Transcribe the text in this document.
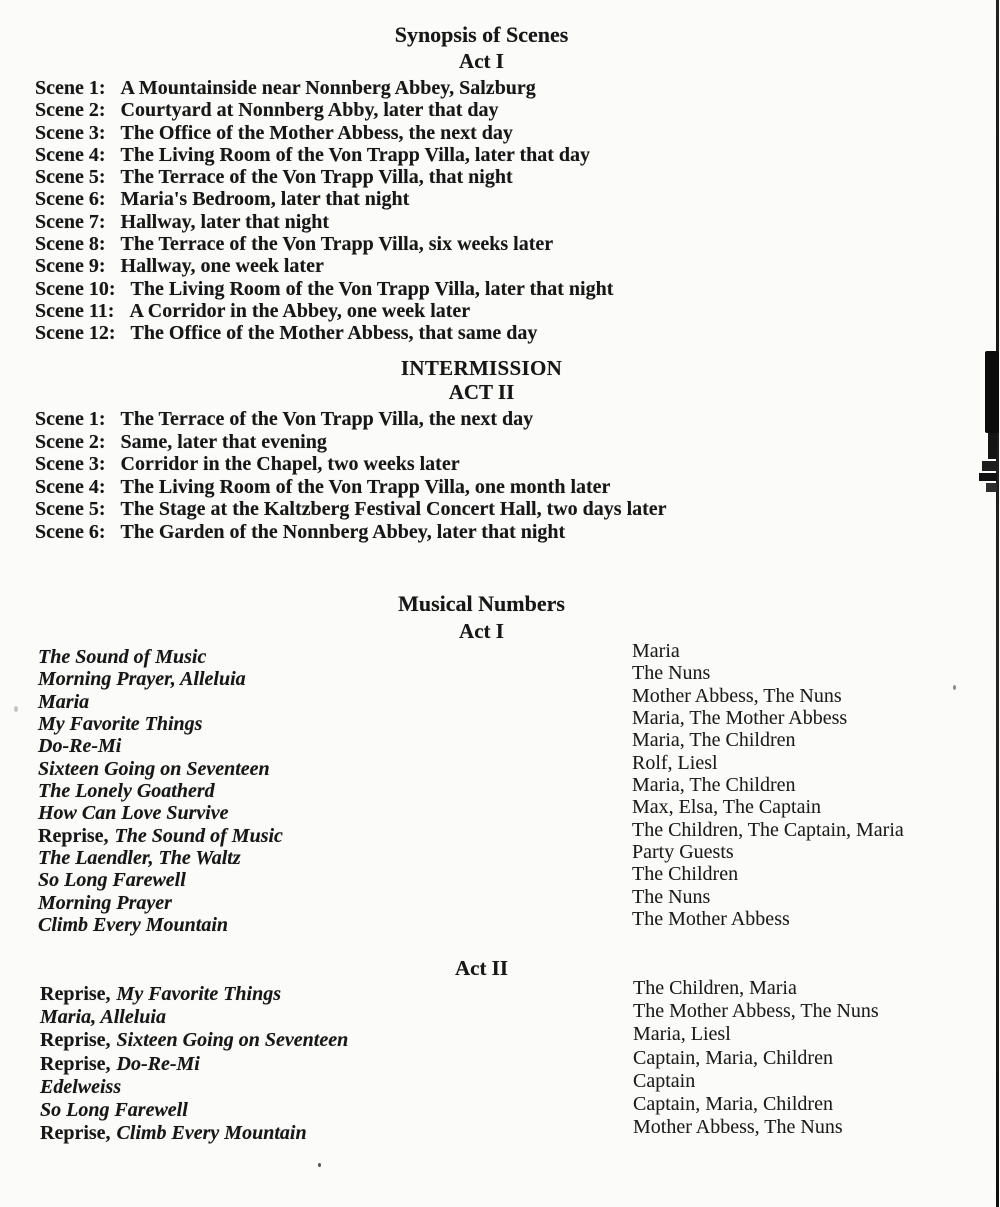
Synopsis of Scenes
Act I
Scene 1: A Mountainside near Nonnberg Abbey, Salzburg
Scene 2: Courtyard at Nonnberg Abby, later that day
Scene 3: The Office of the Mother Abbess, the next day
Scene 4: The Living Room of the Von Trapp Villa, later that day
Scene 5: The Terrace of the Von Trapp Villa, that night
Scene 6: Maria's Bedroom, later that night
Scene 7: Hallway, later that night
Scene 8: The Terrace of the Von Trapp Villa, six weeks later
Scene 9: Hallway, one week later
Scene 10: The Living Room of the Von Trapp Villa, later that night
Scene 11: A Corridor in the Abbey, one week later
Scene 12: The Office of the Mother Abbess, that same day
INTERMISSION
ACT II
Scene 1: The Terrace of the Von Trapp Villa, the next day
Scene 2: Same, later that evening
Scene 3: Corridor in the Chapel, two weeks later
Scene 4: The Living Room of the Von Trapp Villa, one month later
Scene 5: The Stage at the Kaltzberg Festival Concert Hall, two days later
Scene 6: The Garden of the Nonnberg Abbey, later that night
Musical Numbers
Act I
The Sound of Music	Maria
Morning Prayer, Alleluia	The Nuns
Maria	Mother Abbess, The Nuns
My Favorite Things	Maria, The Mother Abbess
Do-Re-Mi	Maria, The Children
Sixteen Going on Seventeen	Rolf, Liesl
The Lonely Goatherd	Maria, The Children
How Can Love Survive	Max, Elsa, The Captain
Reprise, The Sound of Music	The Children, The Captain, Maria
The Laendler, The Waltz	Party Guests
So Long Farewell	The Children
Morning Prayer	The Nuns
Climb Every Mountain	The Mother Abbess
Act II
Reprise, My Favorite Things	The Children, Maria
Maria, Alleluia	The Mother Abbess, The Nuns
Reprise, Sixteen Going on Seventeen	Maria, Liesl
Reprise, Do-Re-Mi	Captain, Maria, Children
Edelweiss	Captain
So Long Farewell	Captain, Maria, Children
Reprise, Climb Every Mountain	Mother Abbess, The Nuns
